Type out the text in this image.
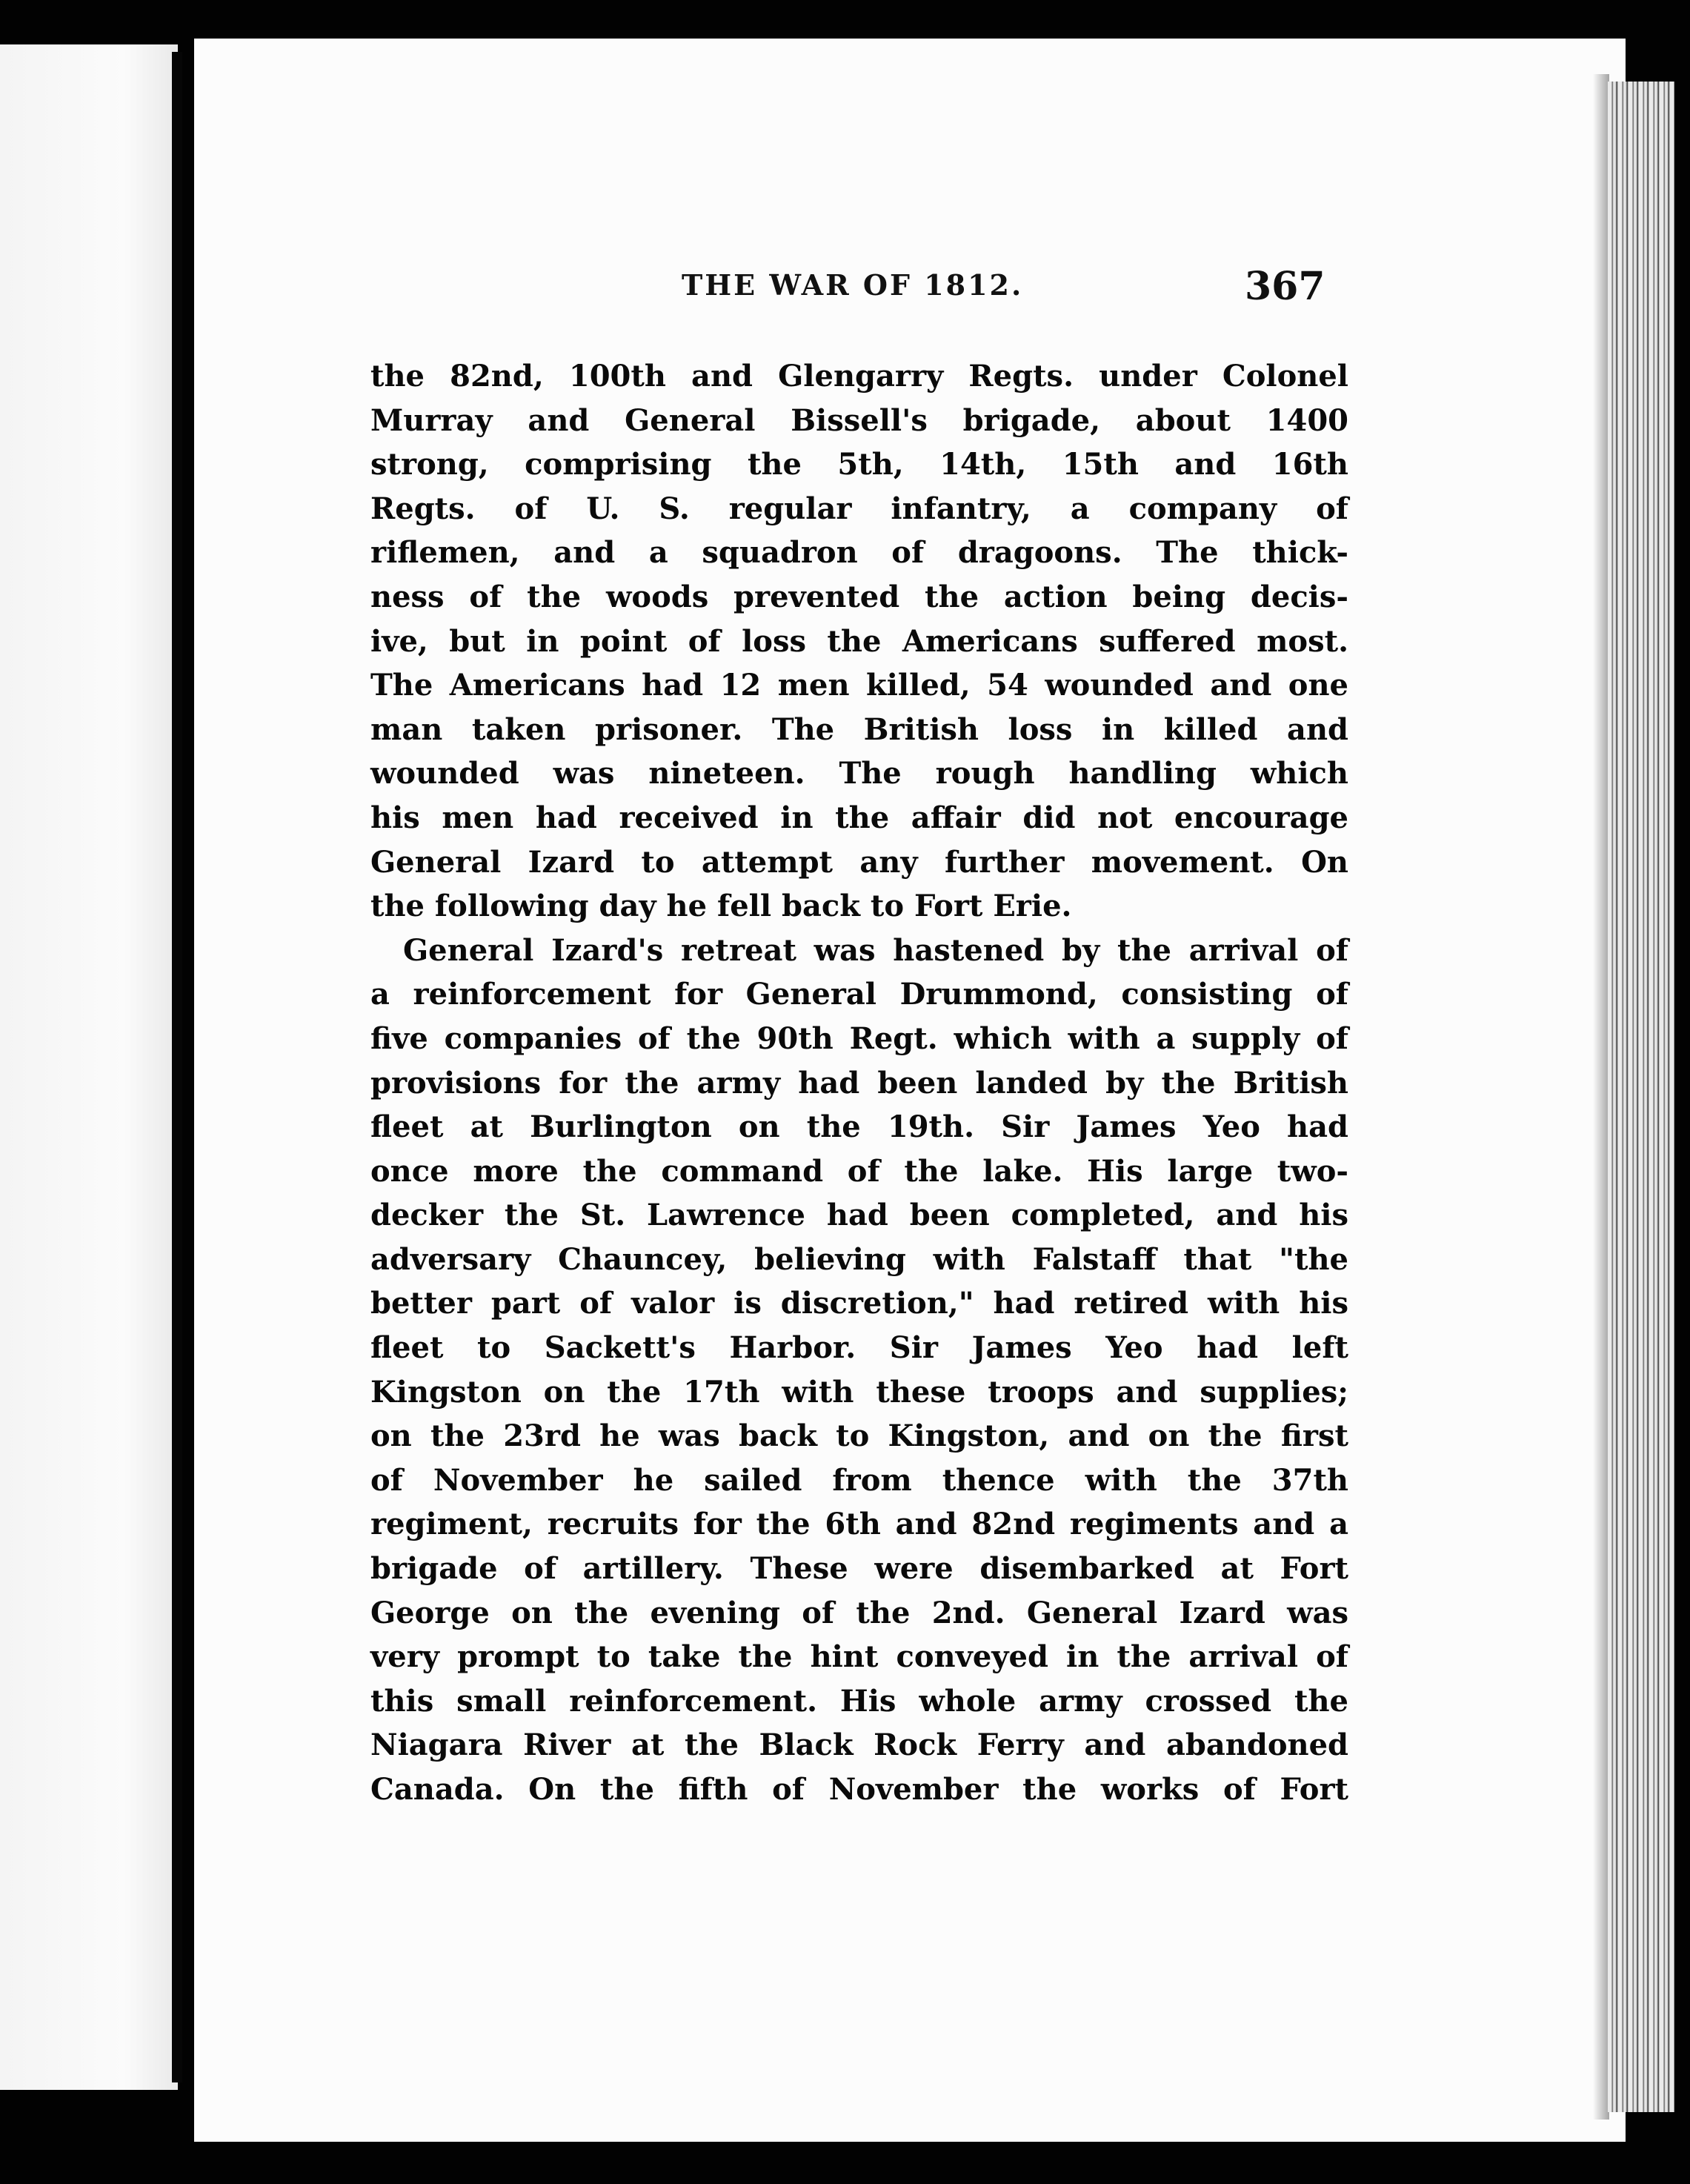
THE WAR OF 1812.	367
the 82nd, 100th and Glengarry Regts. under Colonel
Murray and General Bissell's brigade, about 1400
strong, comprising the 5th, 14th, 15th and 16th
Regts. of U. S. regular infantry, a company of
riflemen, and a squadron of dragoons. The thick-
ness of the woods prevented the action being decis-
ive, but in point of loss the Americans suffered most.
The Americans had 12 men killed, 54 wounded and one
man taken prisoner. The British loss in killed and
wounded was nineteen. The rough handling which
his men had received in the affair did not encourage
General Izard to attempt any further movement. On
the following day he fell back to Fort Erie.
General Izard's retreat was hastened by the arrival of
a reinforcement for General Drummond, consisting of
five companies of the 90th Regt. which with a supply of
provisions for the army had been landed by the British
fleet at Burlington on the 19th. Sir James Yeo had
once more the command of the lake. His large two-
decker the St. Lawrence had been completed, and his
adversary Chauncey, believing with Falstaff that "the
better part of valor is discretion," had retired with his
fleet to Sackett's Harbor. Sir James Yeo had left
Kingston on the 17th with these troops and supplies;
on the 23rd he was back to Kingston, and on the first
of November he sailed from thence with the 37th
regiment, recruits for the 6th and 82nd regiments and a
brigade of artillery. These were disembarked at Fort
George on the evening of the 2nd. General Izard was
very prompt to take the hint conveyed in the arrival of
this small reinforcement. His whole army crossed the
Niagara River at the Black Rock Ferry and abandoned
Canada. On the fifth of November the works of Fort
